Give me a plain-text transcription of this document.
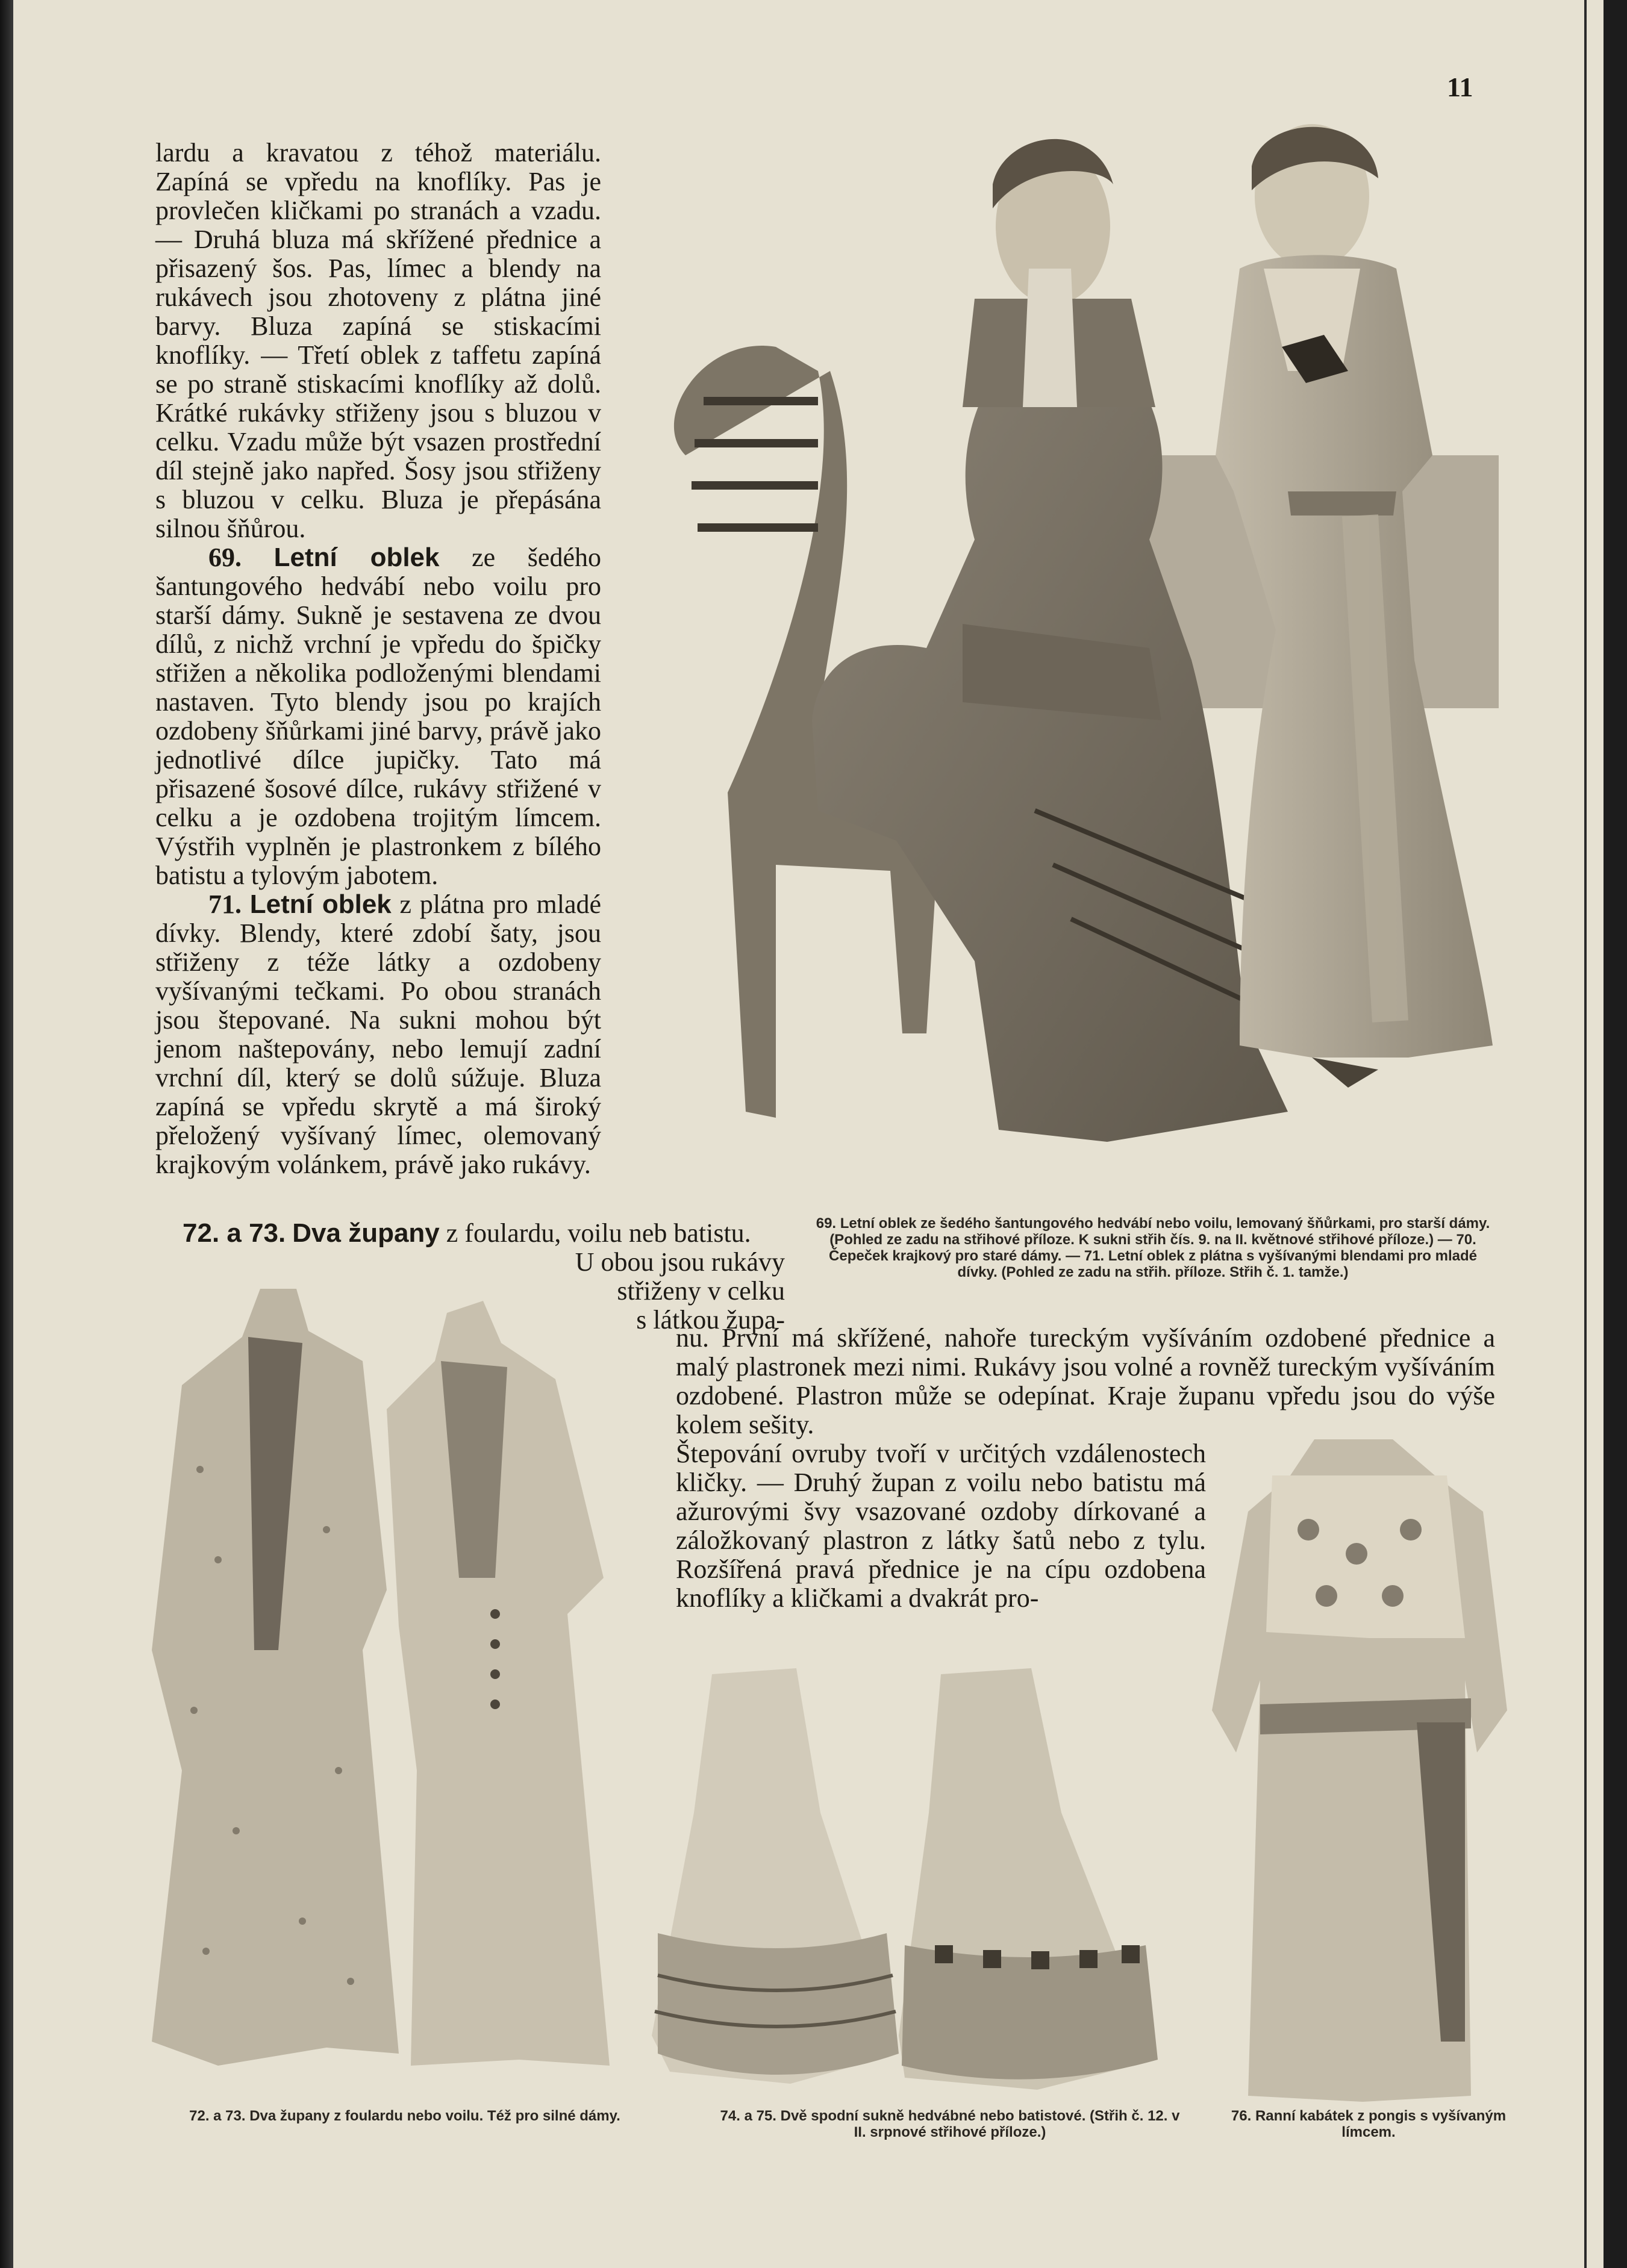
11

lardu a kravatou z téhož materiálu. Zapíná se vpředu na knoflíky. Pas je provlečen kličkami po stranách a vzadu. — Druhá bluza má skřížené přednice a přisazený šos. Pas, límec a blendy na rukávech jsou zhotoveny z plátna jiné barvy. Bluza zapíná se stiskacími knoflíky. — Třetí oblek z taffetu zapíná se po straně stiskacími knoflíky až dolů. Krátké rukávky střiženy jsou s bluzou v celku. Vzadu může být vsazen prostřední díl stejně jako napřed. Šosy jsou střiženy s bluzou v celku. Bluza je přepásána silnou šňůrou.

  69. Letní oblek ze šedého šantungového hedvábí nebo voilu pro starší dámy. Sukně je sestavena ze dvou dílů, z nichž vrchní je vpředu do špičky střižen a několika podloženými blendami nastaven. Tyto blendy jsou po krajích ozdobeny šňůrkami jiné barvy, právě jako jednotlivé dílce jupičky. Tato má přisazené šosové dílce, rukávy střižené v celku a je ozdobena trojitým límcem. Výstřih vyplněn je plastronkem z bílého batistu a tylovým jabotem.

  71. Letní oblek z plátna pro mladé dívky. Blendy, které zdobí šaty, jsou střiženy z téže látky a ozdobeny vyšívanými tečkami. Po obou stranách jsou štepované. Na sukni mohou být jenom naštepovány, nebo lemují zadní vrchní díl, který se dolů súžuje. Bluza zapíná se vpředu skrytě a má široký přeložený vyšívaný límec, olemovaný krajkovým volánkem, právě jako rukávy.

69. Letní oblek ze šedého šantungového hedvábí nebo voilu, lemovaný šňůrkami, pro starší dámy. (Pohled ze zadu na střihové příloze. K sukni střih čís. 9. na II. květnové střihové příloze.) — 70. Čepeček krajkový pro staré dámy. — 71. Letní oblek z plátna s vyšívanými blendami pro mladé dívky. (Pohled ze zadu na střih. příloze. Střih č. 1. tamže.)
72. a 73. Dva župany z foulardu, voilu neb batistu.
U obou jsou rukávy
střiženy v celku
s látkou župa-

nu. První má skřížené, nahoře tureckým vyšíváním ozdobené přednice a malý plastronek mezi nimi. Rukávy jsou volné a rovněž tureckým vyšíváním ozdobené. Plastron může se odepínat. Kraje županu vpředu jsou do výše kolem sešity.

Štepování ovruby tvoří v určitých vzdálenostech kličky. — Druhý župan z voilu nebo batistu má ažurovými švy vsazované ozdoby dírkované a záložkovaný plastron z látky šatů nebo z tylu. Rozšířená pravá přednice je na cípu ozdobena knoflíky a kličkami a dvakrát pro-

72. a 73. Dva župany z foulardu nebo voilu. Též pro silné dámy.	74. a 75. Dvě spodní sukně hedvábné nebo batistové. (Střih č. 12. v II. srpnové střihové příloze.)
76. Ranní kabátek z pongis s vyšívaným límcem.
